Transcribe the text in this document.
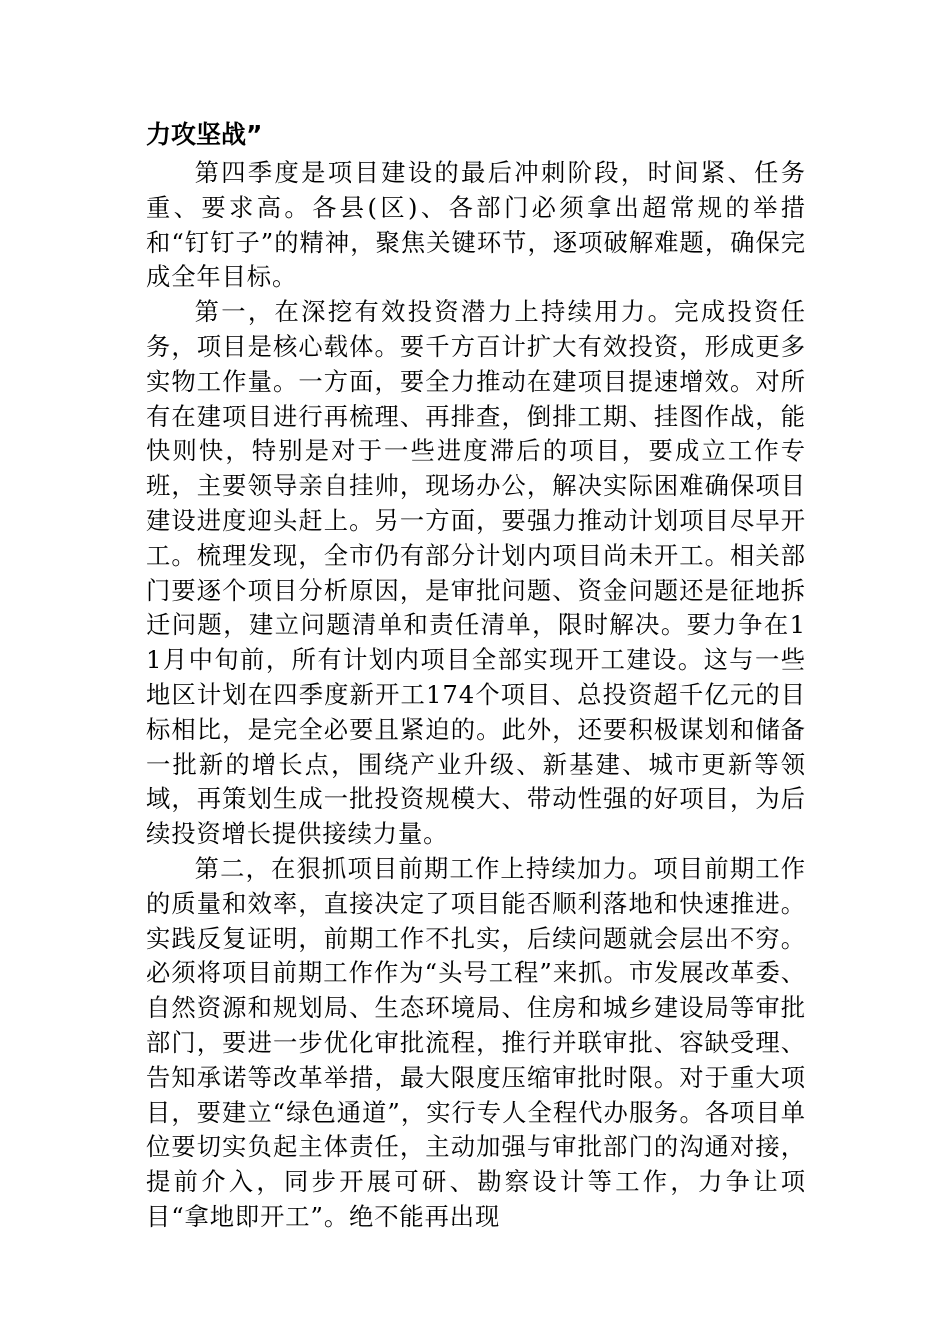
力攻坚战”

第四季度是项目建设的最后冲刺阶段，时间紧、任务重、要求高。各县(区)、各部门必须拿出超常规的举措和“钉钉子”的精神，聚焦关键环节，逐项破解难题，确保完成全年目标。

第一，在深挖有效投资潜力上持续用力。完成投资任务，项目是核心载体。要千方百计扩大有效投资，形成更多实物工作量。一方面，要全力推动在建项目提速增效。对所有在建项目进行再梳理、再排查，倒排工期、挂图作战，能快则快，特别是对于一些进度滞后的项目，要成立工作专班，主要领导亲自挂帅，现场办公，解决实际困难确保项目建设进度迎头赶上。另一方面，要强力推动计划项目尽早开工。梳理发现，全市仍有部分计划内项目尚未开工。相关部门要逐个项目分析原因，是审批问题、资金问题还是征地拆迁问题，建立问题清单和责任清单，限时解决。要力争在11月中旬前，所有计划内项目全部实现开工建设。这与一些地区计划在四季度新开工174个项目、总投资超千亿元的目标相比，是完全必要且紧迫的。此外，还要积极谋划和储备一批新的增长点，围绕产业升级、新基建、城市更新等领域，再策划生成一批投资规模大、带动性强的好项目，为后续投资增长提供接续力量。

第二，在狠抓项目前期工作上持续加力。项目前期工作的质量和效率，直接决定了项目能否顺利落地和快速推进。实践反复证明，前期工作不扎实，后续问题就会层出不穷。必须将项目前期工作作为“头号工程”来抓。市发展改革委、自然资源和规划局、生态环境局、住房和城乡建设局等审批部门，要进一步优化审批流程，推行并联审批、容缺受理、告知承诺等改革举措，最大限度压缩审批时限。对于重大项目，要建立“绿色通道”，实行专人全程代办服务。各项目单位要切实负起主体责任，主动加强与审批部门的沟通对接，提前介入，同步开展可研、勘察设计等工作，力争让项目“拿地即开工”。绝不能再出现
